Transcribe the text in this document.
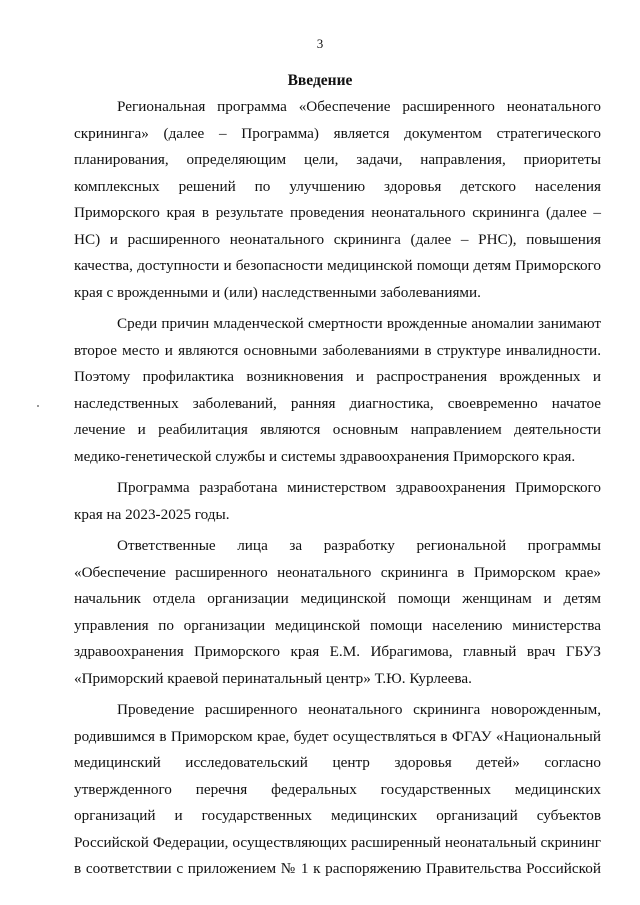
3
Введение
Региональная программа «Обеспечение расширенного неонатального
скрининга» (далее – Программа) является документом стратегического
планирования, определяющим цели, задачи, направления, приоритеты
комплексных решений по улучшению здоровья детского населения
Приморского края в результате проведения неонатального скрининга (далее –
НС) и расширенного неонатального скрининга (далее – РНС), повышения
качества, доступности и безопасности медицинской помощи детям Приморского
края с врожденными и (или) наследственными заболеваниями.
Среди причин младенческой смертности врожденные аномалии занимают
второе место и являются основными заболеваниями в структуре инвалидности.
Поэтому профилактика возникновения и распространения врожденных и
наследственных заболеваний, ранняя диагностика, своевременно начатое
лечение и реабилитация являются основным направлением деятельности
медико-генетической службы и системы здравоохранения Приморского края.
Программа разработана министерством здравоохранения Приморского
края на 2023-2025 годы.
Ответственные лица за разработку региональной программы
«Обеспечение расширенного неонатального скрининга в Приморском крае»
начальник отдела организации медицинской помощи женщинам и детям
управления по организации медицинской помощи населению министерства
здравоохранения Приморского края Е.М. Ибрагимова, главный врач ГБУЗ
«Приморский краевой перинатальный центр» Т.Ю. Курлеева.
Проведение расширенного неонатального скрининга новорожденным,
родившимся в Приморском крае, будет осуществляться в ФГАУ «Национальный
медицинский исследовательский центр здоровья детей» согласно
утвержденного перечня федеральных государственных медицинских
организаций и государственных медицинских организаций субъектов
Российской Федерации, осуществляющих расширенный неонатальный скрининг
в соответствии с приложением № 1 к распоряжению Правительства Российской
